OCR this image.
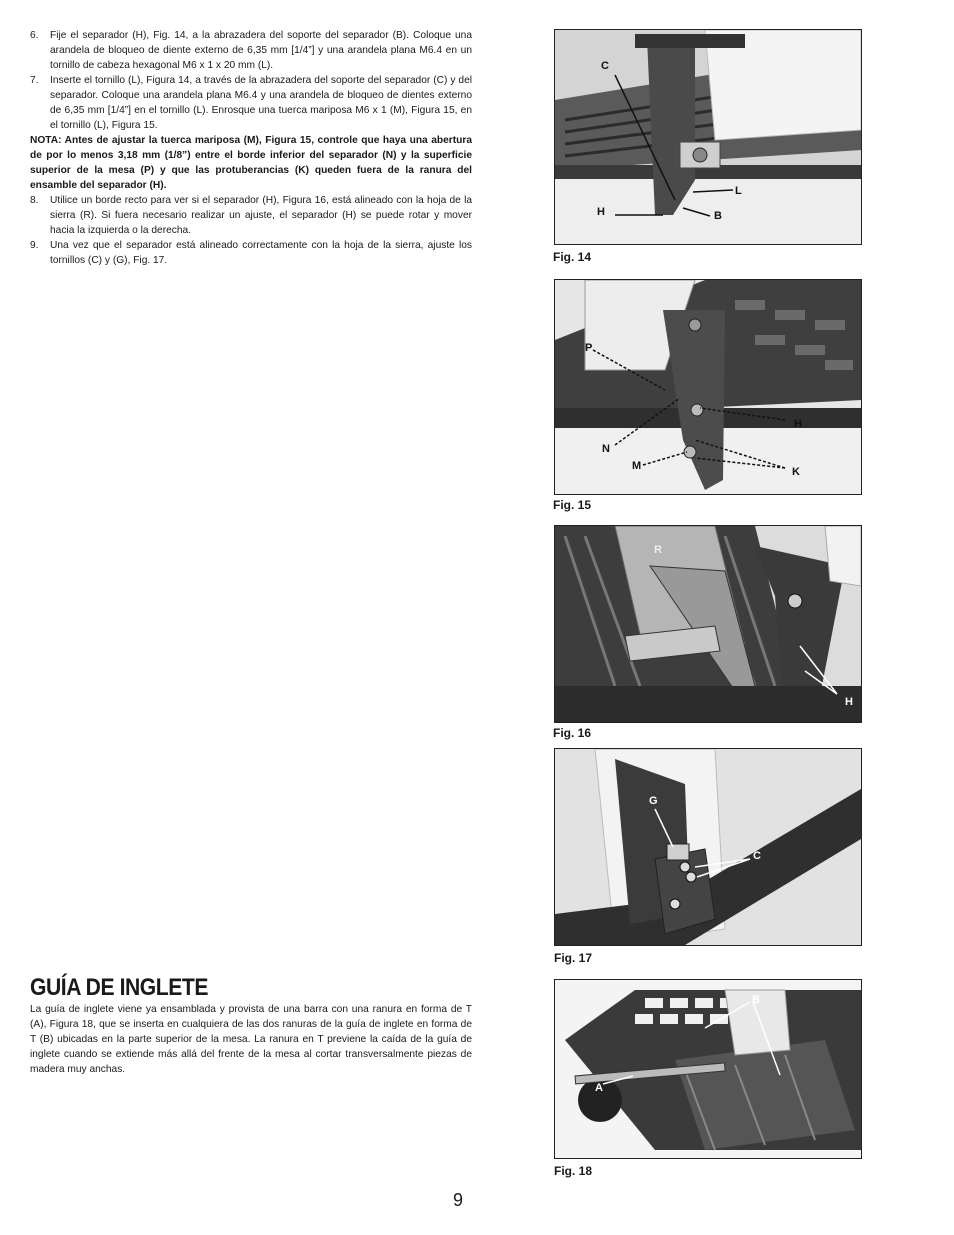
6.	Fije el separador (H), Fig. 14, a la abrazadera del soporte del separador (B). Coloque una arandela de bloqueo de diente externo de 6,35 mm [1/4”] y una arandela plana M6.4 en un tornillo de cabeza hexagonal M6 x 1 x 20 mm (L).

7.	Inserte el tornillo (L), Figura 14, a través de la abrazadera del soporte del separador (C) y del separador. Coloque una arandela plana M6.4 y una arandela de bloqueo de dientes externo de 6,35 mm [1/4”] en el tornillo (L). Enrosque una tuerca mariposa M6 x 1 (M), Figura 15, en el tornillo (L), Figura 15.

NOTA: Antes de ajustar la tuerca mariposa (M), Figura 15, controle que haya una abertura de por lo menos 3,18 mm (1/8”) entre el borde inferior del separador (N) y la superficie superior de la mesa (P) y que las protuberancias (K) queden fuera de la ranura del ensamble del separador (H).

8.	Utilice un borde recto para ver si el separador (H), Figura 16, está alineado con la hoja de la sierra (R). Si fuera necesario realizar un ajuste, el separador (H) se puede rotar y mover hacia la izquierda o la derecha.

9.	Una vez que el separador está alineado correctamente con la hoja de la sierra, ajuste los tornillos (C) y (G), Fig. 17.

GUÍA DE INGLETE

La guía de inglete viene ya ensamblada y provista de una barra con una ranura en forma de T (A), Figura 18, que se inserta en cualquiera de las dos ranuras de la guía de inglete en forma de T (B) ubicadas en la parte superior de la mesa. La ranura en T previene la caída de la guía de inglete cuando se extiende más allá del frente de la mesa al cortar transversalmente piezas de madera muy anchas.

9
C
L
H	B
Fig. 14
P
H
N
M	K
Fig. 15
R
H
Fig. 16
G
C
Fig. 17
B
A
Fig. 18
